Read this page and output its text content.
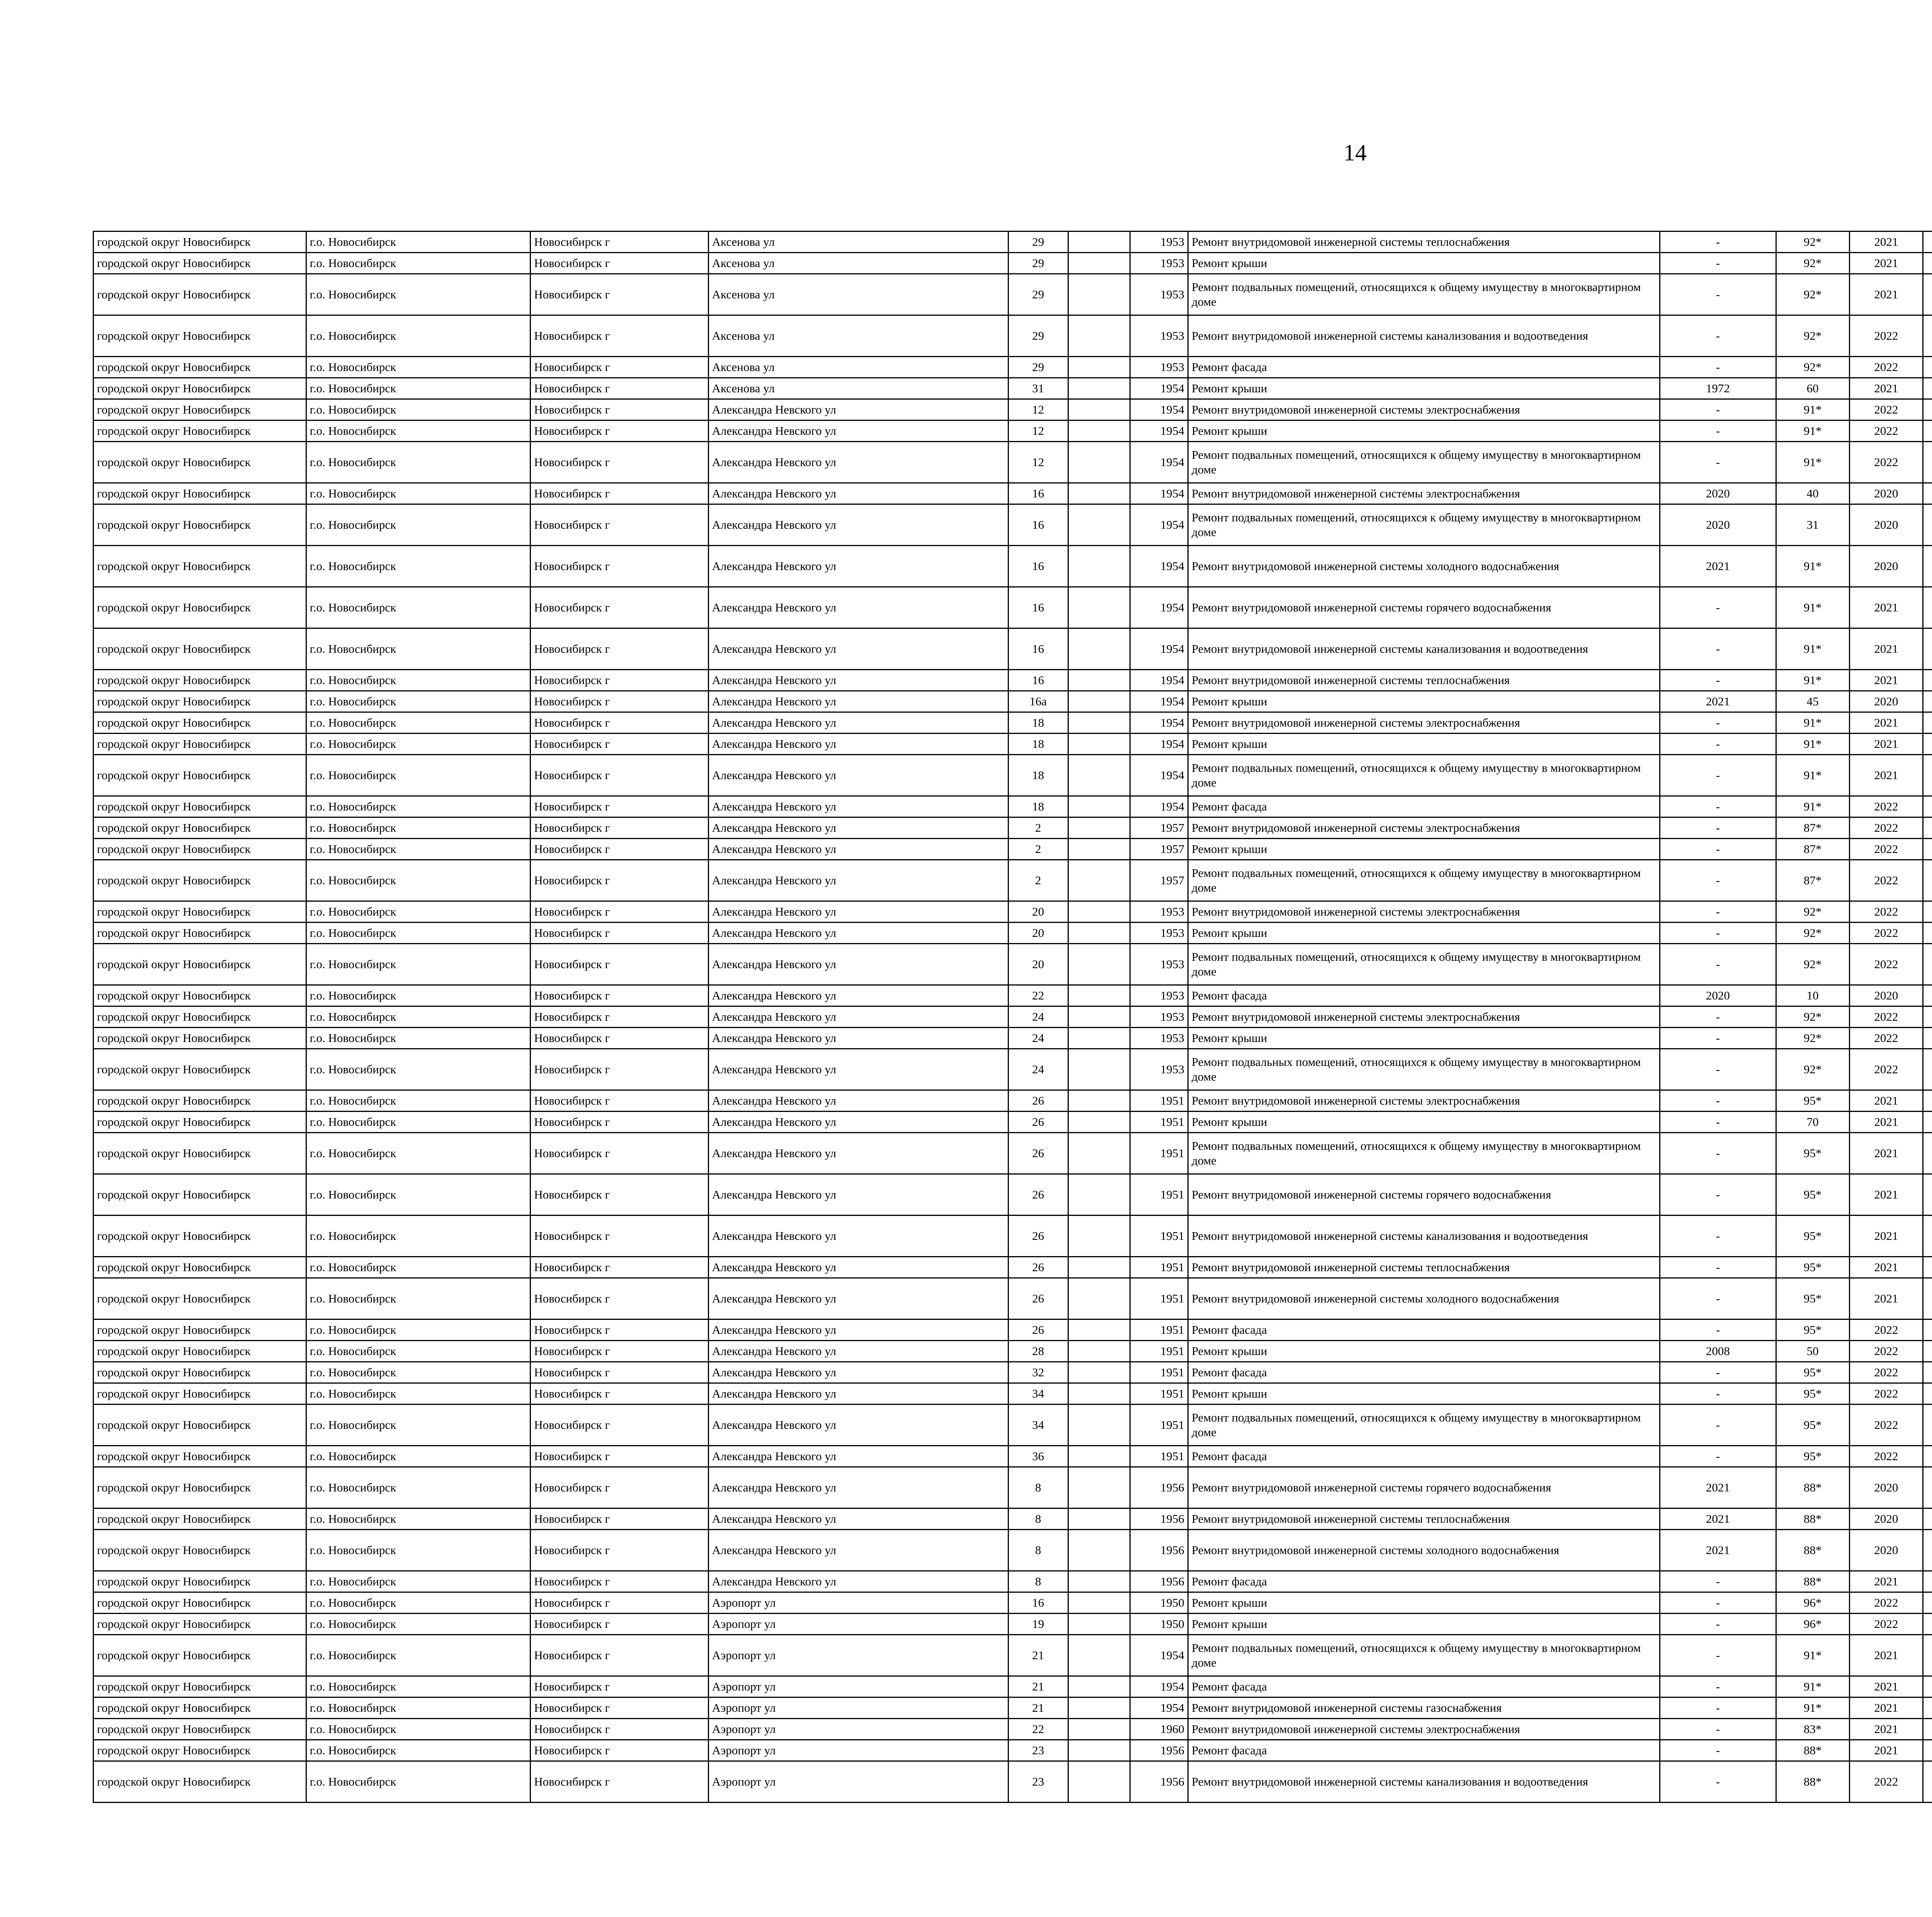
14
городской округ Новосибирск	г.о. Новосибирск	Новосибирск г	Аксенова ул	29		1953	Ремонт внутридомовой инженерной системы теплоснабжения	-	92*	2021						
городской округ Новосибирск	г.о. Новосибирск	Новосибирск г	Аксенова ул	29		1953	Ремонт крыши	-	92*	2021						
городской округ Новосибирск	г.о. Новосибирск	Новосибирск г	Аксенова ул	29		1953	Ремонт подвальных помещений, относящихся к общему имуществу в многоквартирном доме	-	92*	2021						
городской округ Новосибирск	г.о. Новосибирск	Новосибирск г	Аксенова ул	29		1953	Ремонт внутридомовой инженерной системы канализования и водоотведения	-	92*	2022						
городской округ Новосибирск	г.о. Новосибирск	Новосибирск г	Аксенова ул	29		1953	Ремонт фасада	-	92*	2022						
городской округ Новосибирск	г.о. Новосибирск	Новосибирск г	Аксенова ул	31		1954	Ремонт крыши	1972	60	2021						
городской округ Новосибирск	г.о. Новосибирск	Новосибирск г	Александра Невского ул	12		1954	Ремонт внутридомовой инженерной системы электроснабжения	-	91*	2022						
городской округ Новосибирск	г.о. Новосибирск	Новосибирск г	Александра Невского ул	12		1954	Ремонт крыши	-	91*	2022						
городской округ Новосибирск	г.о. Новосибирск	Новосибирск г	Александра Невского ул	12		1954	Ремонт подвальных помещений, относящихся к общему имуществу в многоквартирном доме	-	91*	2022						
городской округ Новосибирск	г.о. Новосибирск	Новосибирск г	Александра Невского ул	16		1954	Ремонт внутридомовой инженерной системы электроснабжения	2020	40	2020						
городской округ Новосибирск	г.о. Новосибирск	Новосибирск г	Александра Невского ул	16		1954	Ремонт подвальных помещений, относящихся к общему имуществу в многоквартирном доме	2020	31	2020						
городской округ Новосибирск	г.о. Новосибирск	Новосибирск г	Александра Невского ул	16		1954	Ремонт внутридомовой инженерной системы холодного водоснабжения	2021	91*	2020						
городской округ Новосибирск	г.о. Новосибирск	Новосибирск г	Александра Невского ул	16		1954	Ремонт внутридомовой инженерной системы горячего водоснабжения	-	91*	2021						
городской округ Новосибирск	г.о. Новосибирск	Новосибирск г	Александра Невского ул	16		1954	Ремонт внутридомовой инженерной системы канализования и водоотведения	-	91*	2021						
городской округ Новосибирск	г.о. Новосибирск	Новосибирск г	Александра Невского ул	16		1954	Ремонт внутридомовой инженерной системы теплоснабжения	-	91*	2021						
городской округ Новосибирск	г.о. Новосибирск	Новосибирск г	Александра Невского ул	16а		1954	Ремонт крыши	2021	45	2020						
городской округ Новосибирск	г.о. Новосибирск	Новосибирск г	Александра Невского ул	18		1954	Ремонт внутридомовой инженерной системы электроснабжения	-	91*	2021						
городской округ Новосибирск	г.о. Новосибирск	Новосибирск г	Александра Невского ул	18		1954	Ремонт крыши	-	91*	2021						
городской округ Новосибирск	г.о. Новосибирск	Новосибирск г	Александра Невского ул	18		1954	Ремонт подвальных помещений, относящихся к общему имуществу в многоквартирном доме	-	91*	2021						
городской округ Новосибирск	г.о. Новосибирск	Новосибирск г	Александра Невского ул	18		1954	Ремонт фасада	-	91*	2022						
городской округ Новосибирск	г.о. Новосибирск	Новосибирск г	Александра Невского ул	2		1957	Ремонт внутридомовой инженерной системы электроснабжения	-	87*	2022						
городской округ Новосибирск	г.о. Новосибирск	Новосибирск г	Александра Невского ул	2		1957	Ремонт крыши	-	87*	2022						
городской округ Новосибирск	г.о. Новосибирск	Новосибирск г	Александра Невского ул	2		1957	Ремонт подвальных помещений, относящихся к общему имуществу в многоквартирном доме	-	87*	2022						
городской округ Новосибирск	г.о. Новосибирск	Новосибирск г	Александра Невского ул	20		1953	Ремонт внутридомовой инженерной системы электроснабжения	-	92*	2022						
городской округ Новосибирск	г.о. Новосибирск	Новосибирск г	Александра Невского ул	20		1953	Ремонт крыши	-	92*	2022						
городской округ Новосибирск	г.о. Новосибирск	Новосибирск г	Александра Невского ул	20		1953	Ремонт подвальных помещений, относящихся к общему имуществу в многоквартирном доме	-	92*	2022						
городской округ Новосибирск	г.о. Новосибирск	Новосибирск г	Александра Невского ул	22		1953	Ремонт фасада	2020	10	2020						
городской округ Новосибирск	г.о. Новосибирск	Новосибирск г	Александра Невского ул	24		1953	Ремонт внутридомовой инженерной системы электроснабжения	-	92*	2022						
городской округ Новосибирск	г.о. Новосибирск	Новосибирск г	Александра Невского ул	24		1953	Ремонт крыши	-	92*	2022						
городской округ Новосибирск	г.о. Новосибирск	Новосибирск г	Александра Невского ул	24		1953	Ремонт подвальных помещений, относящихся к общему имуществу в многоквартирном доме	-	92*	2022						
городской округ Новосибирск	г.о. Новосибирск	Новосибирск г	Александра Невского ул	26		1951	Ремонт внутридомовой инженерной системы электроснабжения	-	95*	2021						
городской округ Новосибирск	г.о. Новосибирск	Новосибирск г	Александра Невского ул	26		1951	Ремонт крыши	-	70	2021						
городской округ Новосибирск	г.о. Новосибирск	Новосибирск г	Александра Невского ул	26		1951	Ремонт подвальных помещений, относящихся к общему имуществу в многоквартирном доме	-	95*	2021						
городской округ Новосибирск	г.о. Новосибирск	Новосибирск г	Александра Невского ул	26		1951	Ремонт внутридомовой инженерной системы горячего водоснабжения	-	95*	2021						
городской округ Новосибирск	г.о. Новосибирск	Новосибирск г	Александра Невского ул	26		1951	Ремонт внутридомовой инженерной системы канализования и водоотведения	-	95*	2021						
городской округ Новосибирск	г.о. Новосибирск	Новосибирск г	Александра Невского ул	26		1951	Ремонт внутридомовой инженерной системы теплоснабжения	-	95*	2021						
городской округ Новосибирск	г.о. Новосибирск	Новосибирск г	Александра Невского ул	26		1951	Ремонт внутридомовой инженерной системы холодного водоснабжения	-	95*	2021						
городской округ Новосибирск	г.о. Новосибирск	Новосибирск г	Александра Невского ул	26		1951	Ремонт фасада	-	95*	2022						
городской округ Новосибирск	г.о. Новосибирск	Новосибирск г	Александра Невского ул	28		1951	Ремонт крыши	2008	50	2022						
городской округ Новосибирск	г.о. Новосибирск	Новосибирск г	Александра Невского ул	32		1951	Ремонт фасада	-	95*	2022						
городской округ Новосибирск	г.о. Новосибирск	Новосибирск г	Александра Невского ул	34		1951	Ремонт крыши	-	95*	2022						
городской округ Новосибирск	г.о. Новосибирск	Новосибирск г	Александра Невского ул	34		1951	Ремонт подвальных помещений, относящихся к общему имуществу в многоквартирном доме	-	95*	2022						
городской округ Новосибирск	г.о. Новосибирск	Новосибирск г	Александра Невского ул	36		1951	Ремонт фасада	-	95*	2022						
городской округ Новосибирск	г.о. Новосибирск	Новосибирск г	Александра Невского ул	8		1956	Ремонт внутридомовой инженерной системы горячего водоснабжения	2021	88*	2020						
городской округ Новосибирск	г.о. Новосибирск	Новосибирск г	Александра Невского ул	8		1956	Ремонт внутридомовой инженерной системы теплоснабжения	2021	88*	2020						
городской округ Новосибирск	г.о. Новосибирск	Новосибирск г	Александра Невского ул	8		1956	Ремонт внутридомовой инженерной системы холодного водоснабжения	2021	88*	2020						
городской округ Новосибирск	г.о. Новосибирск	Новосибирск г	Александра Невского ул	8		1956	Ремонт фасада	-	88*	2021						
городской округ Новосибирск	г.о. Новосибирск	Новосибирск г	Аэропорт ул	16		1950	Ремонт крыши	-	96*	2022						
городской округ Новосибирск	г.о. Новосибирск	Новосибирск г	Аэропорт ул	19		1950	Ремонт крыши	-	96*	2022						
городской округ Новосибирск	г.о. Новосибирск	Новосибирск г	Аэропорт ул	21		1954	Ремонт подвальных помещений, относящихся к общему имуществу в многоквартирном доме	-	91*	2021						
городской округ Новосибирск	г.о. Новосибирск	Новосибирск г	Аэропорт ул	21		1954	Ремонт фасада	-	91*	2021						
городской округ Новосибирск	г.о. Новосибирск	Новосибирск г	Аэропорт ул	21		1954	Ремонт внутридомовой инженерной системы газоснабжения	-	91*	2021						
городской округ Новосибирск	г.о. Новосибирск	Новосибирск г	Аэропорт ул	22		1960	Ремонт внутридомовой инженерной системы электроснабжения	-	83*	2021						
городской округ Новосибирск	г.о. Новосибирск	Новосибирск г	Аэропорт ул	23		1956	Ремонт фасада	-	88*	2021						
городской округ Новосибирск	г.о. Новосибирск	Новосибирск г	Аэропорт ул	23		1956	Ремонт внутридомовой инженерной системы канализования и водоотведения	-	88*	2022						
